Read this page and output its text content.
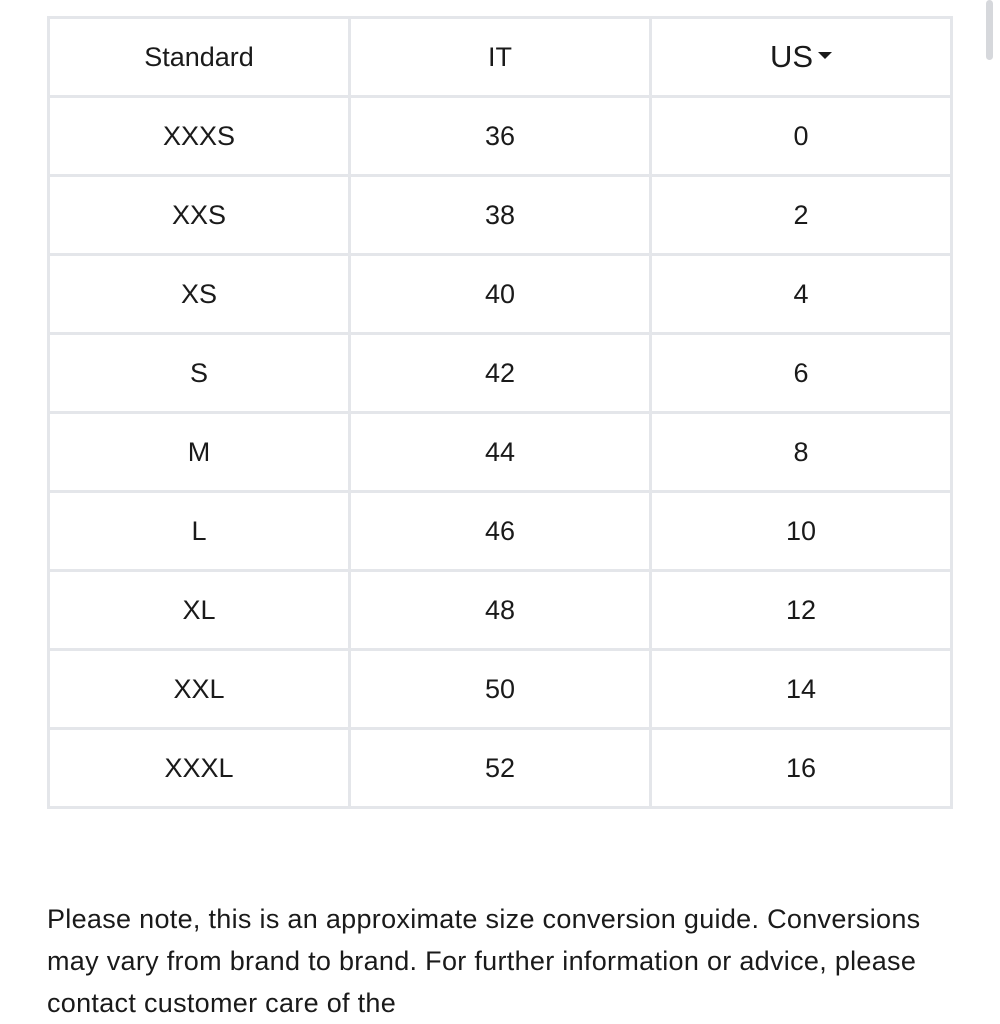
Standard	IT	US
XXXS	36	0
XXS	38	2
XS	40	4
S	42	6
M	44	8
L	46	10
XL	48	12
XXL	50	14
XXXL	52	16

Please note, this is an approximate size conversion guide. Conversions may vary from brand to brand. For further information or advice, please contact customer care of the
